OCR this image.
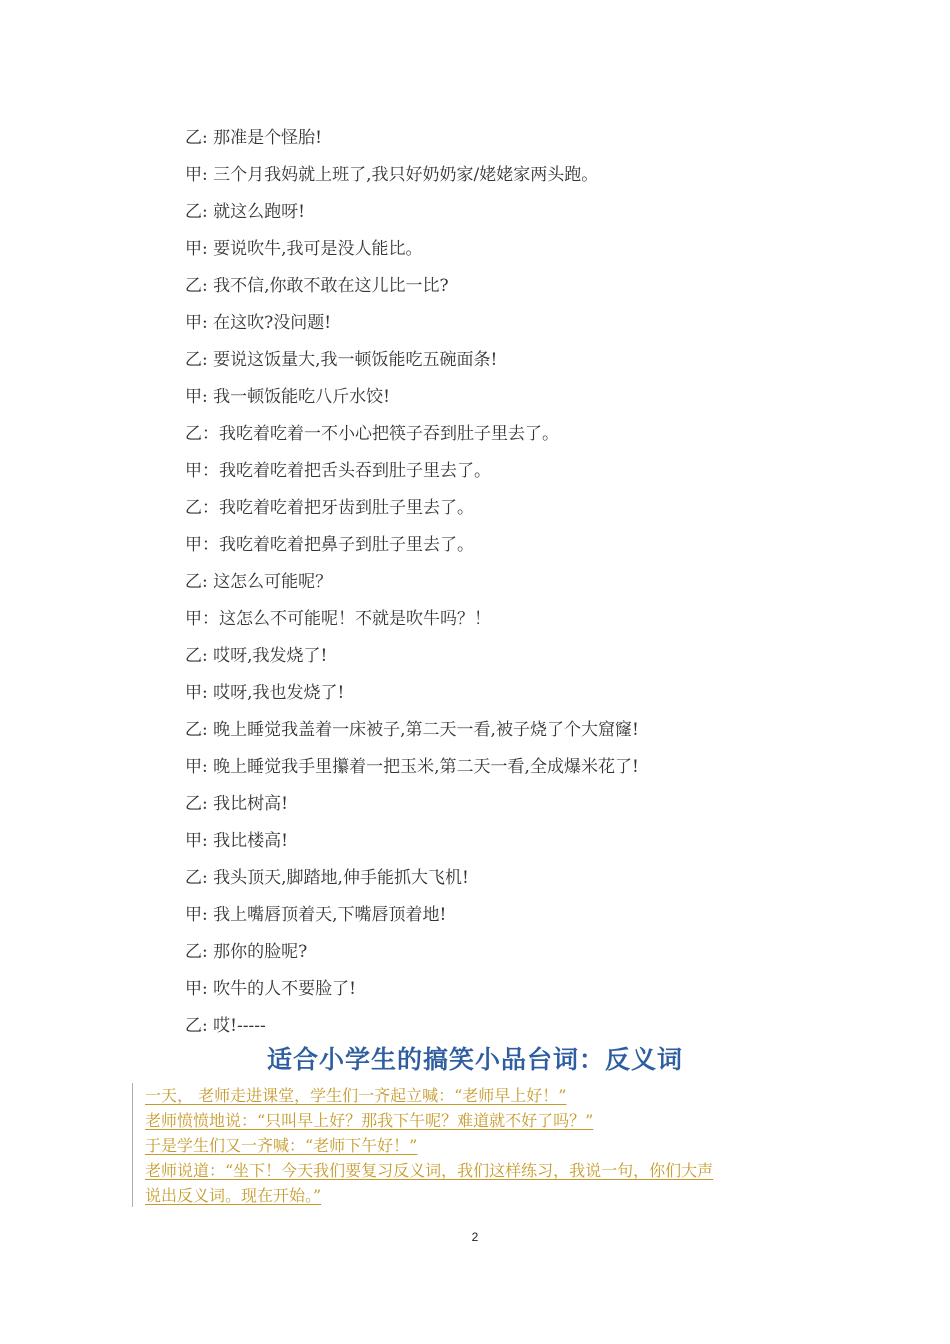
乙: 那准是个怪胎!
甲: 三个月我妈就上班了,我只好奶奶家/姥姥家两头跑。
乙: 就这么跑呀!
甲: 要说吹牛,我可是没人能比。
乙: 我不信,你敢不敢在这儿比一比?
甲: 在这吹?没问题!
乙: 要说这饭量大,我一顿饭能吃五碗面条!
甲: 我一顿饭能吃八斤水饺!
乙：我吃着吃着一不小心把筷子吞到肚子里去了。
甲：我吃着吃着把舌头吞到肚子里去了。
乙：我吃着吃着把牙齿到肚子里去了。
甲：我吃着吃着把鼻子到肚子里去了。
乙: 这怎么可能呢？
甲：这怎么不可能呢！不就是吹牛吗？！
乙: 哎呀,我发烧了!
甲: 哎呀,我也发烧了!
乙: 晚上睡觉我盖着一床被子,第二天一看,被子烧了个大窟窿!
甲: 晚上睡觉我手里攥着一把玉米,第二天一看,全成爆米花了!
乙: 我比树高!
甲: 我比楼高!
乙: 我头顶天,脚踏地,伸手能抓大飞机!
甲: 我上嘴唇顶着天,下嘴唇顶着地!
乙: 那你的脸呢?
甲: 吹牛的人不要脸了!
乙: 哎!-----
适合小学生的搞笑小品台词：反义词
一天， 老师走进课堂，学生们一齐起立喊：“老师早上好！”
老师愤愤地说：“只叫早上好？那我下午呢？难道就不好了吗？”
于是学生们又一齐喊：“老师下午好！”
老师说道：“坐下！今天我们要复习反义词，我们这样练习，我说一句，你们大声
说出反义词。现在开始。”
2
